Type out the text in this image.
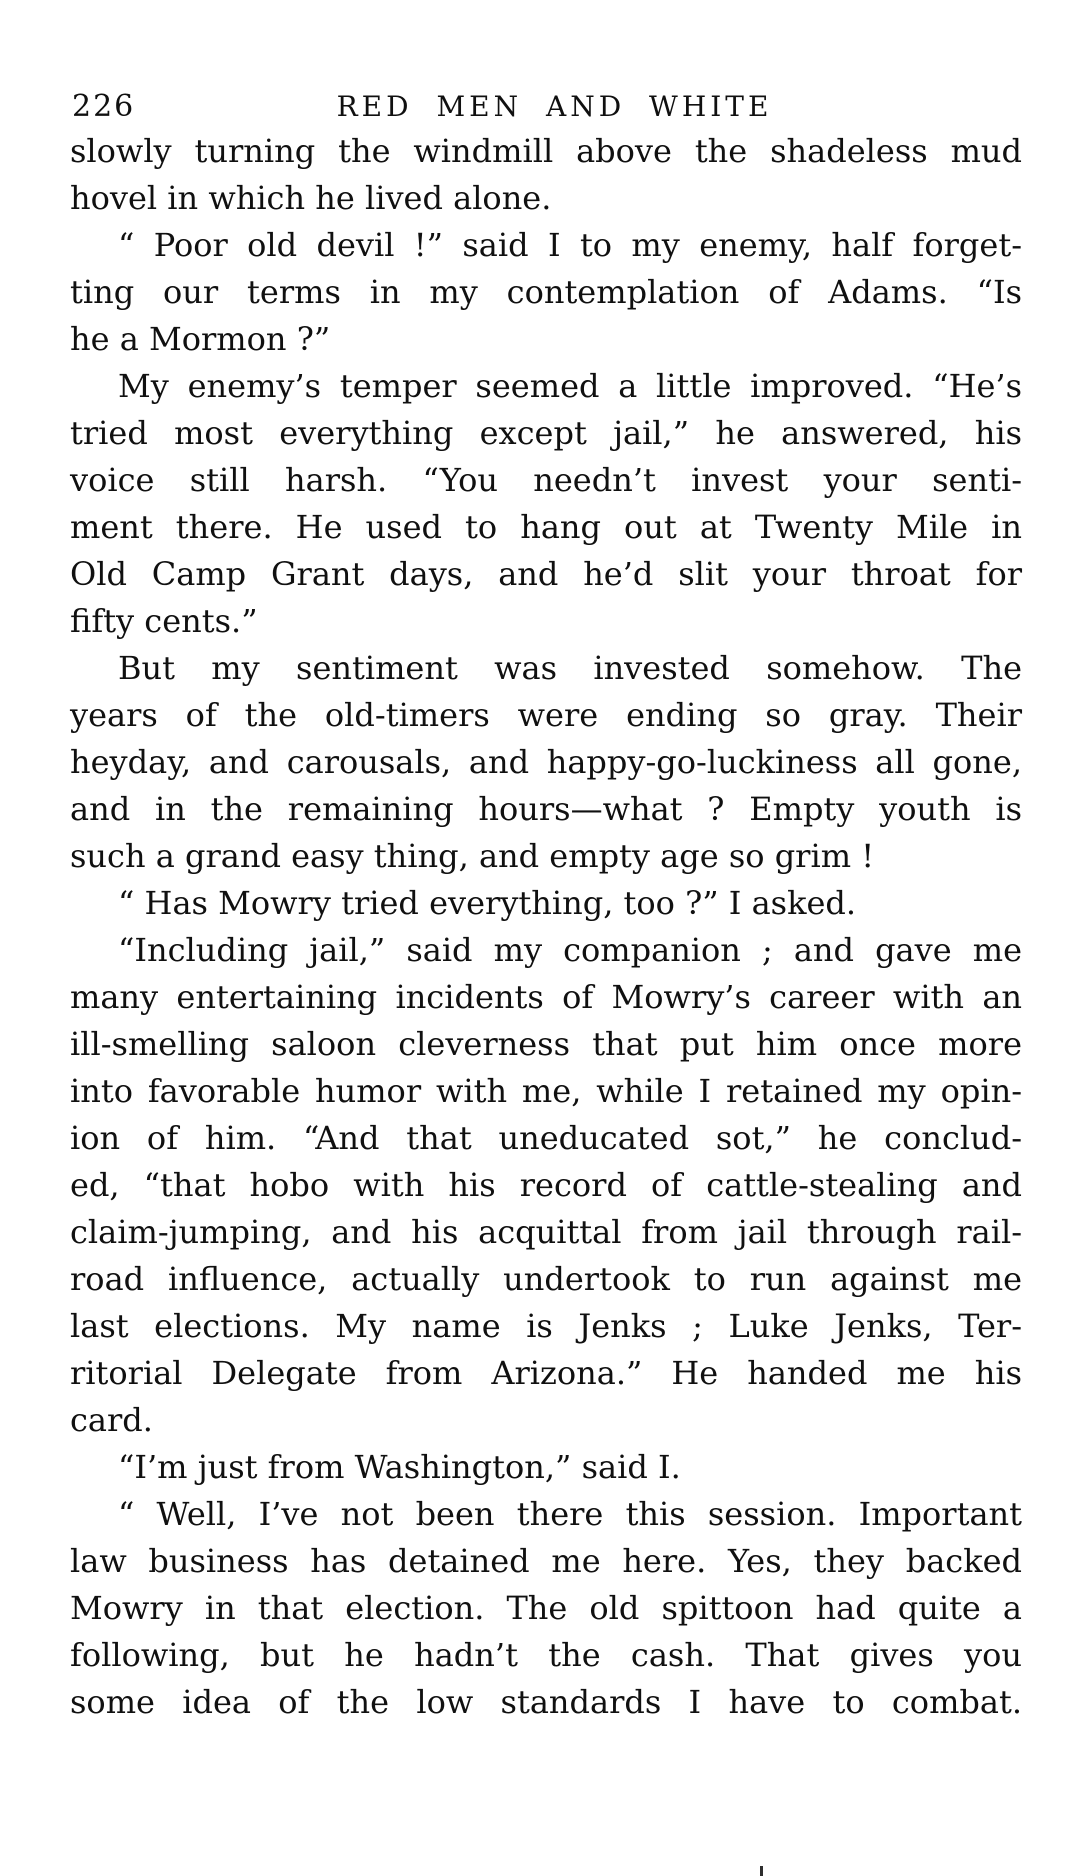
226	RED MEN AND WHITE
slowly turning the windmill above the shadeless mud
hovel in which he lived alone.
“ Poor old devil !” said I to my enemy, half forget-
ting our terms in my contemplation of Adams. “Is
he a Mormon ?”
My enemy’s temper seemed a little improved. “He’s
tried most everything except jail,” he answered, his
voice still harsh. “You needn’t invest your senti-
ment there. He used to hang out at Twenty Mile in
Old Camp Grant days, and he’d slit your throat for
fifty cents.”
But my sentiment was invested somehow. The
years of the old-timers were ending so gray. Their
heyday, and carousals, and happy-go-luckiness all gone,
and in the remaining hours—what ? Empty youth is
such a grand easy thing, and empty age so grim !
“ Has Mowry tried everything, too ?” I asked.
“Including jail,” said my companion ; and gave me
many entertaining incidents of Mowry’s career with an
ill-smelling saloon cleverness that put him once more
into favorable humor with me, while I retained my opin-
ion of him. “And that uneducated sot,” he conclud-
ed, “that hobo with his record of cattle-stealing and
claim-jumping, and his acquittal from jail through rail-
road influence, actually undertook to run against me
last elections. My name is Jenks ; Luke Jenks, Ter-
ritorial Delegate from Arizona.” He handed me his
card.
“I’m just from Washington,” said I.
“ Well, I’ve not been there this session. Important
law business has detained me here. Yes, they backed
Mowry in that election. The old spittoon had quite a
following, but he hadn’t the cash. That gives you
some idea of the low standards I have to combat.
